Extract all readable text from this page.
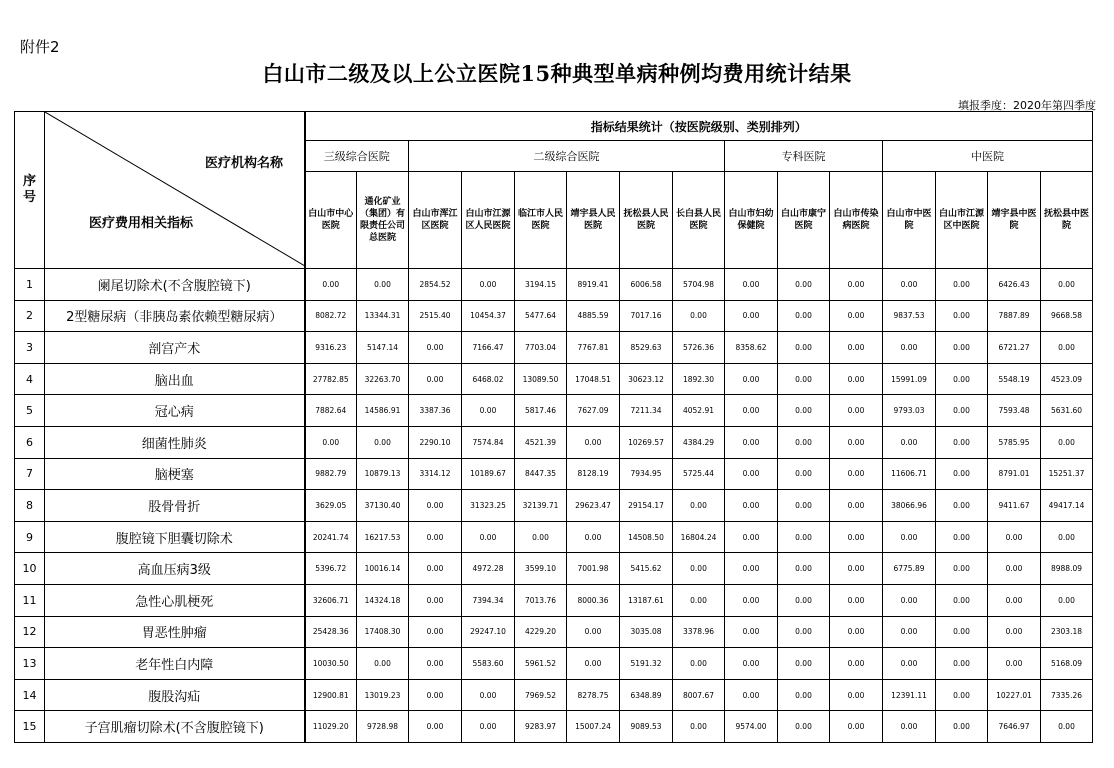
附件2
白山市二级及以上公立医院15种典型单病种例均费用统计结果
填报季度：2020年第四季度
序
号	医疗机构名称
医疗费用相关指标	指标结果统计（按医院级别、类别排列）														
		三级综合医院		二级综合医院						专科医院			中医院			
		白山市中心医院	通化矿业（集团）有限责任公司总医院	白山市浑江区医院	白山市江源区人民医院	临江市人民医院	靖宇县人民医院	抚松县人民医院	长白县人民医院	白山市妇幼保健院	白山市康宁医院	白山市传染病医院	白山市中医院	白山市江源区中医院	靖宇县中医院	抚松县中医院
1	阑尾切除术(不含腹腔镜下)	0.00	0.00	2854.52	0.00	3194.15	8919.41	6006.58	5704.98	0.00	0.00	0.00	0.00	0.00	6426.43	0.00
2	2型糖尿病（非胰岛素依赖型糖尿病）	8082.72	13344.31	2515.40	10454.37	5477.64	4885.59	7017.16	0.00	0.00	0.00	0.00	9837.53	0.00	7887.89	9668.58
3	剖宫产术	9316.23	5147.14	0.00	7166.47	7703.04	7767.81	8529.63	5726.36	8358.62	0.00	0.00	0.00	0.00	6721.27	0.00
4	脑出血	27782.85	32263.70	0.00	6468.02	13089.50	17048.51	30623.12	1892.30	0.00	0.00	0.00	15991.09	0.00	5548.19	4523.09
5	冠心病	7882.64	14586.91	3387.36	0.00	5817.46	7627.09	7211.34	4052.91	0.00	0.00	0.00	9793.03	0.00	7593.48	5631.60
6	细菌性肺炎	0.00	0.00	2290.10	7574.84	4521.39	0.00	10269.57	4384.29	0.00	0.00	0.00	0.00	0.00	5785.95	0.00
7	脑梗塞	9882.79	10879.13	3314.12	10189.67	8447.35	8128.19	7934.95	5725.44	0.00	0.00	0.00	11606.71	0.00	8791.01	15251.37
8	股骨骨折	3629.05	37130.40	0.00	31323.25	32139.71	29623.47	29154.17	0.00	0.00	0.00	0.00	38066.96	0.00	9411.67	49417.14
9	腹腔镜下胆囊切除术	20241.74	16217.53	0.00	0.00	0.00	0.00	14508.50	16804.24	0.00	0.00	0.00	0.00	0.00	0.00	0.00
10	高血压病3级	5396.72	10016.14	0.00	4972.28	3599.10	7001.98	5415.62	0.00	0.00	0.00	0.00	6775.89	0.00	0.00	8988.09
11	急性心肌梗死	32606.71	14324.18	0.00	7394.34	7013.76	8000.36	13187.61	0.00	0.00	0.00	0.00	0.00	0.00	0.00	0.00
12	胃恶性肿瘤	25428.36	17408.30	0.00	29247.10	4229.20	0.00	3035.08	3378.96	0.00	0.00	0.00	0.00	0.00	0.00	2303.18
13	老年性白内障	10030.50	0.00	0.00	5583.60	5961.52	0.00	5191.32	0.00	0.00	0.00	0.00	0.00	0.00	0.00	5168.09
14	腹股沟疝	12900.81	13019.23	0.00	0.00	7969.52	8278.75	6348.89	8007.67	0.00	0.00	0.00	12391.11	0.00	10227.01	7335.26
15	子宫肌瘤切除术(不含腹腔镜下)	11029.20	9728.98	0.00	0.00	9283.97	15007.24	9089.53	0.00	9574.00	0.00	0.00	0.00	0.00	7646.97	0.00
